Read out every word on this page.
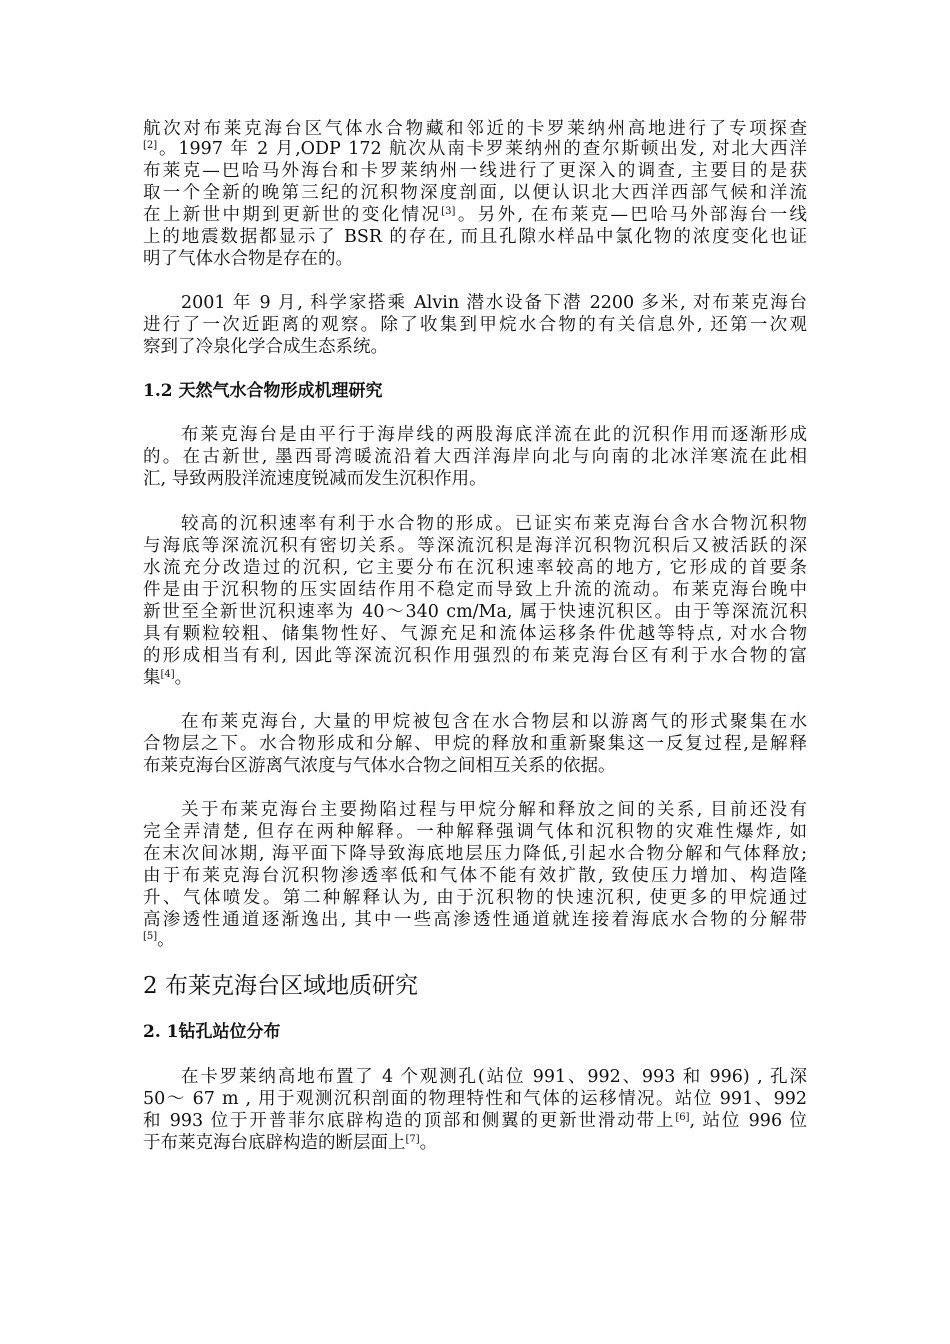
航次对布莱克海台区气体水合物藏和邻近的卡罗莱纳州高地进行了专项探查
[2]。1997 年 2 月,ODP 172 航次从南卡罗莱纳州的查尔斯顿出发, 对北大西洋
布莱克—巴哈马外海台和卡罗莱纳州一线进行了更深入的调查, 主要目的是获
取一个全新的晚第三纪的沉积物深度剖面, 以便认识北大西洋西部气候和洋流
在上新世中期到更新世的变化情况[3]。另外, 在布莱克—巴哈马外部海台一线
上的地震数据都显示了 BSR 的存在, 而且孔隙水样品中氯化物的浓度变化也证
明了气体水合物是存在的。
2001 年 9 月, 科学家搭乘 Alvin 潜水设备下潜 2200 多米, 对布莱克海台
进行了一次近距离的观察。除了收集到甲烷水合物的有关信息外, 还第一次观
察到了冷泉化学合成生态系统。
1.2 天然气水合物形成机理研究
布莱克海台是由平行于海岸线的两股海底洋流在此的沉积作用而逐渐形成
的。在古新世, 墨西哥湾暖流沿着大西洋海岸向北与向南的北冰洋寒流在此相
汇, 导致两股洋流速度锐减而发生沉积作用。
较高的沉积速率有利于水合物的形成。已证实布莱克海台含水合物沉积物
与海底等深流沉积有密切关系。等深流沉积是海洋沉积物沉积后又被活跃的深
水流充分改造过的沉积, 它主要分布在沉积速率较高的地方, 它形成的首要条
件是由于沉积物的压实固结作用不稳定而导致上升流的流动。布莱克海台晚中
新世至全新世沉积速率为 40～340 cm/Ma, 属于快速沉积区。由于等深流沉积
具有颗粒较粗、储集物性好、气源充足和流体运移条件优越等特点, 对水合物
的形成相当有利, 因此等深流沉积作用强烈的布莱克海台区有利于水合物的富
集[4]。
在布莱克海台, 大量的甲烷被包含在水合物层和以游离气的形式聚集在水
合物层之下。水合物形成和分解、甲烷的释放和重新聚集这一反复过程,是解释
布莱克海台区游离气浓度与气体水合物之间相互关系的依据。
关于布莱克海台主要拗陷过程与甲烷分解和释放之间的关系, 目前还没有
完全弄清楚, 但存在两种解释。一种解释强调气体和沉积物的灾难性爆炸, 如
在末次间冰期, 海平面下降导致海底地层压力降低,引起水合物分解和气体释放;
由于布莱克海台沉积物渗透率低和气体不能有效扩散, 致使压力增加、构造隆
升、气体喷发。第二种解释认为, 由于沉积物的快速沉积, 使更多的甲烷通过
高渗透性通道逐渐逸出, 其中一些高渗透性通道就连接着海底水合物的分解带
[5]。
2 布莱克海台区域地质研究
2. 1钻孔站位分布
在卡罗莱纳高地布置了 4 个观测孔(站位 991、992、993 和 996) , 孔深
50～ 67 m , 用于观测沉积剖面的物理特性和气体的运移情况。站位 991、992
和 993 位于开普菲尔底辟构造的顶部和侧翼的更新世滑动带上[6], 站位 996 位
于布莱克海台底辟构造的断层面上[7]。
